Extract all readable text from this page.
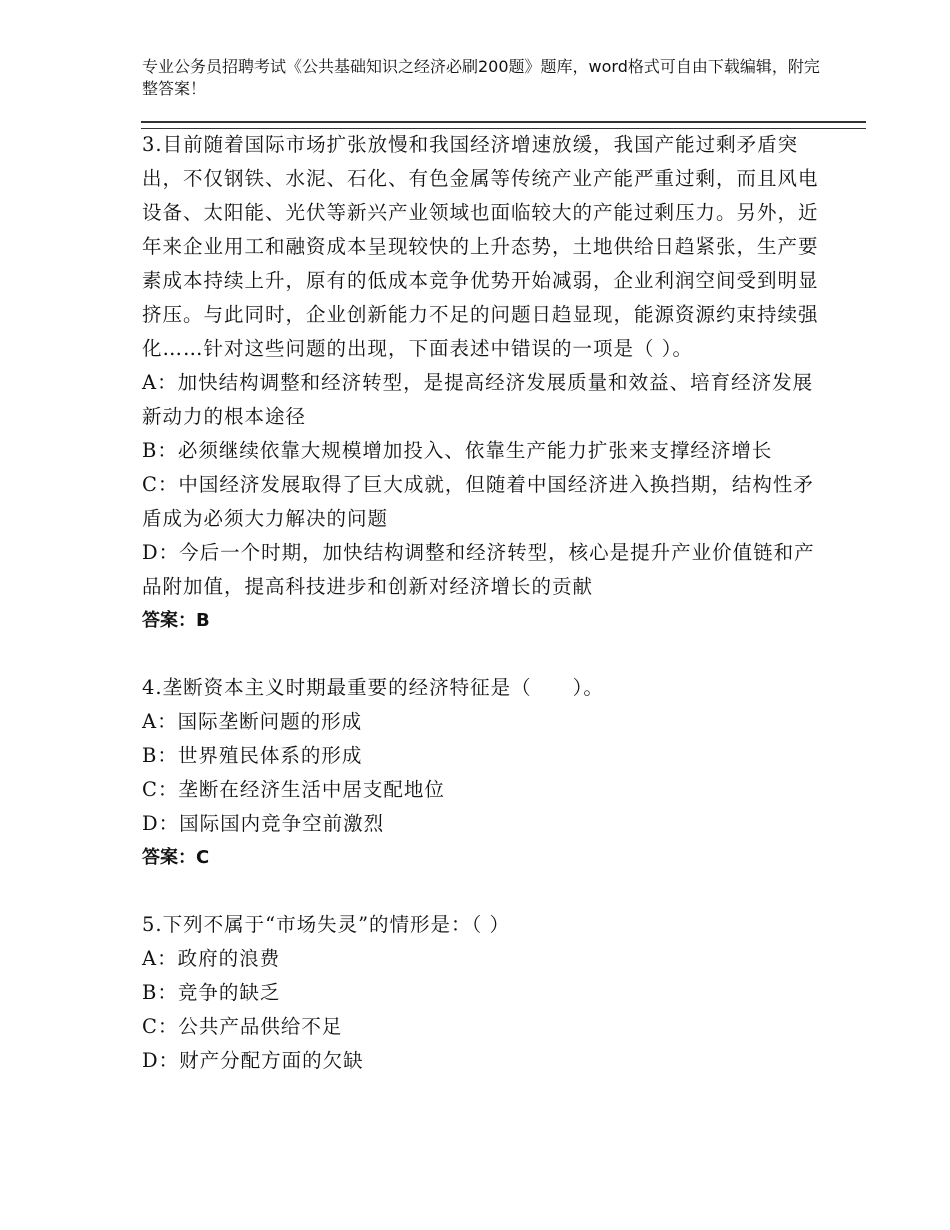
专业公务员招聘考试《公共基础知识之经济必刷200题》题库，word格式可自由下载编辑，附完整答案！

3.目前随着国际市场扩张放慢和我国经济增速放缓，我国产能过剩矛盾突出，不仅钢铁、水泥、石化、有色金属等传统产业产能严重过剩，而且风电设备、太阳能、光伏等新兴产业领域也面临较大的产能过剩压力。另外，近年来企业用工和融资成本呈现较快的上升态势，土地供给日趋紧张，生产要素成本持续上升，原有的低成本竞争优势开始减弱，企业利润空间受到明显挤压。与此同时，企业创新能力不足的问题日趋显现，能源资源约束持续强化……针对这些问题的出现，下面表述中错误的一项是（ ）。

A：加快结构调整和经济转型，是提高经济发展质量和效益、培育经济发展新动力的根本途径

B：必须继续依靠大规模增加投入、依靠生产能力扩张来支撑经济增长

C：中国经济发展取得了巨大成就，但随着中国经济进入换挡期，结构性矛盾成为必须大力解决的问题

D：今后一个时期，加快结构调整和经济转型，核心是提升产业价值链和产品附加值，提高科技进步和创新对经济增长的贡献

答案：B

4.垄断资本主义时期最重要的经济特征是（　　）。

A：国际垄断问题的形成

B：世界殖民体系的形成

C：垄断在经济生活中居支配地位

D：国际国内竞争空前激烈

答案：C

5.下列不属于“市场失灵”的情形是：（ ）

A：政府的浪费

B：竞争的缺乏

C：公共产品供给不足

D：财产分配方面的欠缺
